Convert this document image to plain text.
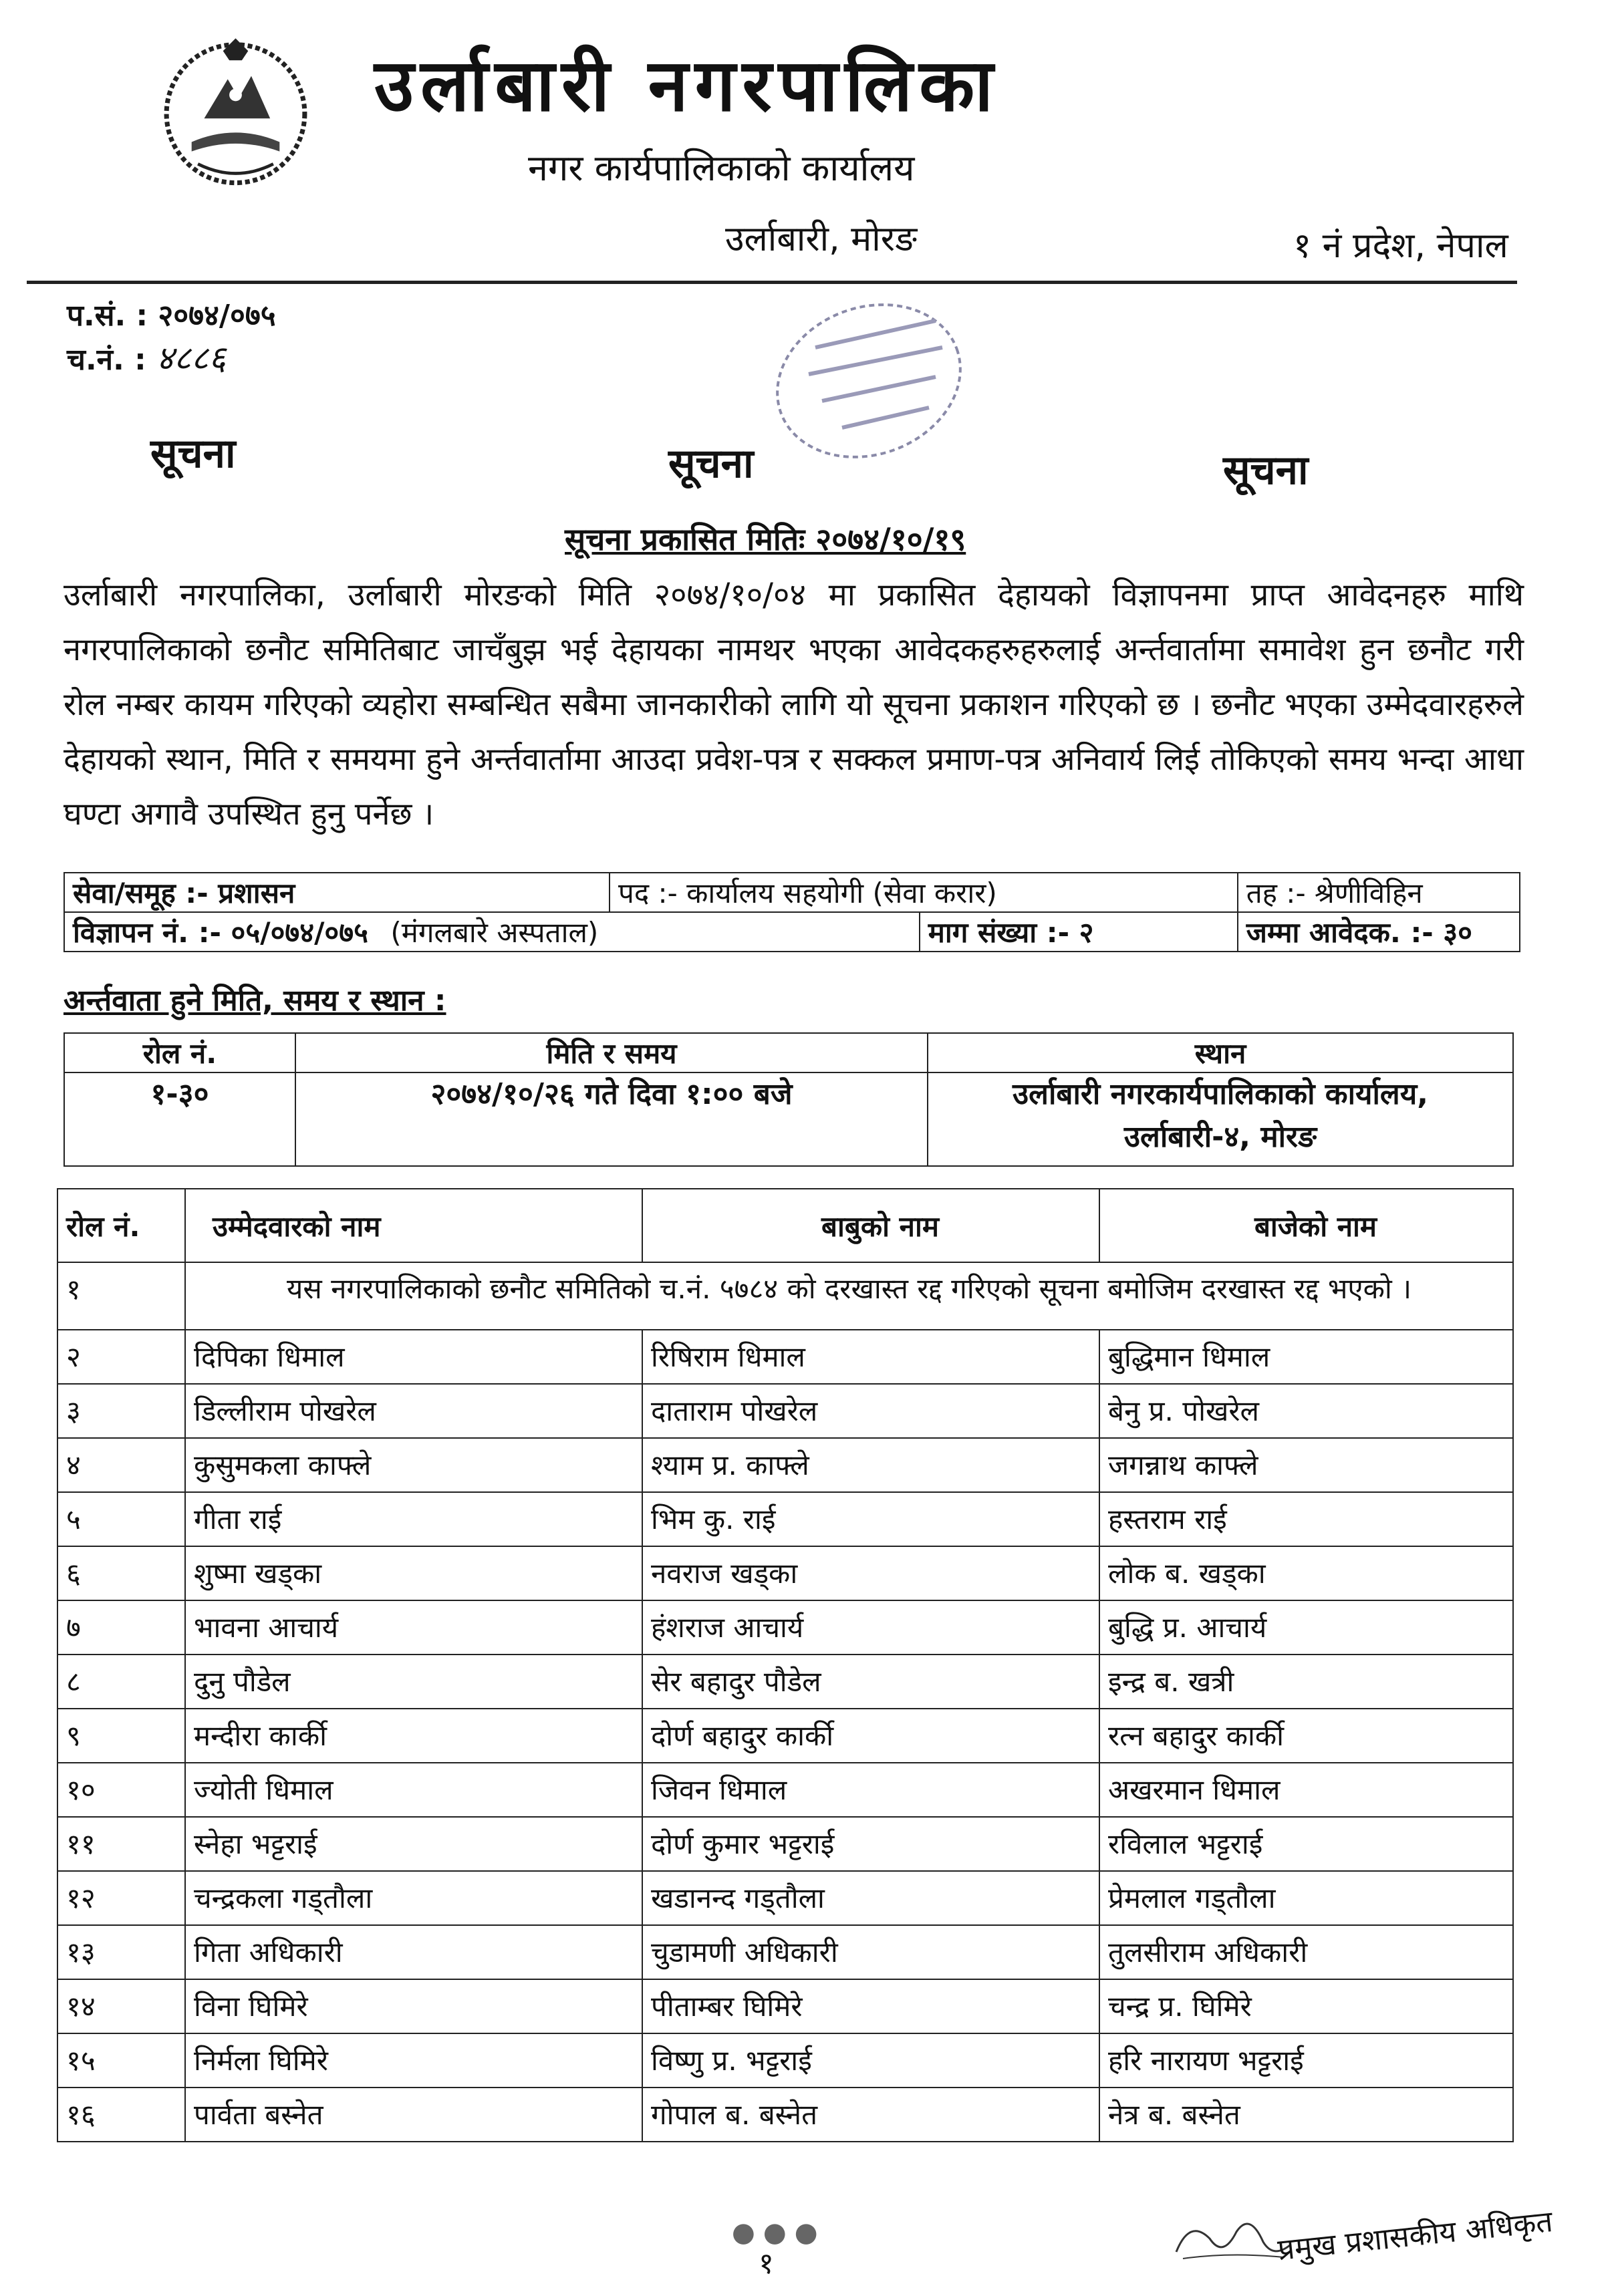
उर्लाबारी नगरपालिका
नगर कार्यपालिकाको कार्यालय
उर्लाबारी, मोरङ	१ नं प्रदेश, नेपाल
प.सं. : २०७४/०७५
च.नं. : ४८८६
सूचना	सूचना	सूचना
सूचना प्रकासित मितिः २०७४/१०/१९
उर्लाबारी नगरपालिका, उर्लाबारी मोरङको मिति २०७४/१०/०४ मा प्रकासित देहायको विज्ञापनमा प्राप्त आवेदनहरु माथि नगरपालिकाको छनौट समितिबाट जाचँबुझ भई देहायका नामथर भएका आवेदकहरुहरुलाई अर्न्तवार्तामा समावेश हुन छनौट गरी रोल नम्बर कायम गरिएको व्यहोरा सम्बन्धित सबैमा जानकारीको लागि यो सूचना प्रकाशन गरिएको छ । छनौट भएका उम्मेदवारहरुले देहायको स्थान, मिति र समयमा हुने अर्न्तवार्तामा आउदा प्रवेश-पत्र र सक्कल प्रमाण-पत्र अनिवार्य लिई तोकिएको समय भन्दा आधा घण्टा अगावै उपस्थित हुनु पर्नेछ ।
सेवा/समूह :- प्रशासन	पद :- कार्यालय सहयोगी (सेवा करार)		तह :- श्रेणीविहिन
विज्ञापन नं. :- ०५/०७४/०७५ (मंगलबारे अस्पताल)		माग संख्या :- २	जम्मा आवेदक. :- ३०
अर्न्तवाता हुने मिति, समय र स्थान :
रोल नं.	मिति र समय	स्थान
१-३०	२०७४/१०/२६ गते दिवा १:०० बजे	उर्लाबारी नगरकार्यपालिकाको कार्यालय,
उर्लाबारी-४, मोरङ
रोल नं.	उम्मेदवारको नाम	बाबुको नाम	बाजेको नाम
१	यस नगरपालिकाको छनौट समितिको च.नं. ५७८४ को दरखास्त रद्द गरिएको सूचना बमोजिम दरखास्त रद्द भएको ।		
२	दिपिका धिमाल	रिषिराम धिमाल	बुद्धिमान धिमाल
३	डिल्लीराम पोखरेल	दाताराम पोखरेल	बेनु प्र. पोखरेल
४	कुसुमकला काफ्ले	श्याम प्र. काफ्ले	जगन्नाथ काफ्ले
५	गीता राई	भिम कु. राई	हस्तराम राई
६	शुष्मा खड्का	नवराज खड्का	लोक ब. खड्का
७	भावना आचार्य	हंशराज आचार्य	बुद्धि प्र. आचार्य
८	दुनु पौडेल	सेर बहादुर पौडेल	इन्द्र ब. खत्री
९	मन्दीरा कार्की	दोर्ण बहादुर कार्की	रत्न बहादुर कार्की
१०	ज्योती धिमाल	जिवन धिमाल	अखरमान धिमाल
११	स्नेहा भट्टराई	दोर्ण कुमार भट्टराई	रविलाल भट्टराई
१२	चन्द्रकला गड्तौला	खडानन्द गड्तौला	प्रेमलाल गड्तौला
१३	गिता अधिकारी	चुडामणी अधिकारी	तुलसीराम अधिकारी
१४	विना घिमिरे	पीताम्बर घिमिरे	चन्द्र प्र. घिमिरे
१५	निर्मला घिमिरे	विष्णु प्र. भट्टराई	हरि नारायण भट्टराई
१६	पार्वता बस्नेत	गोपाल ब. बस्नेत	नेत्र ब. बस्नेत
●●●
१	प्रमुख प्रशासकीय अधिकृत
